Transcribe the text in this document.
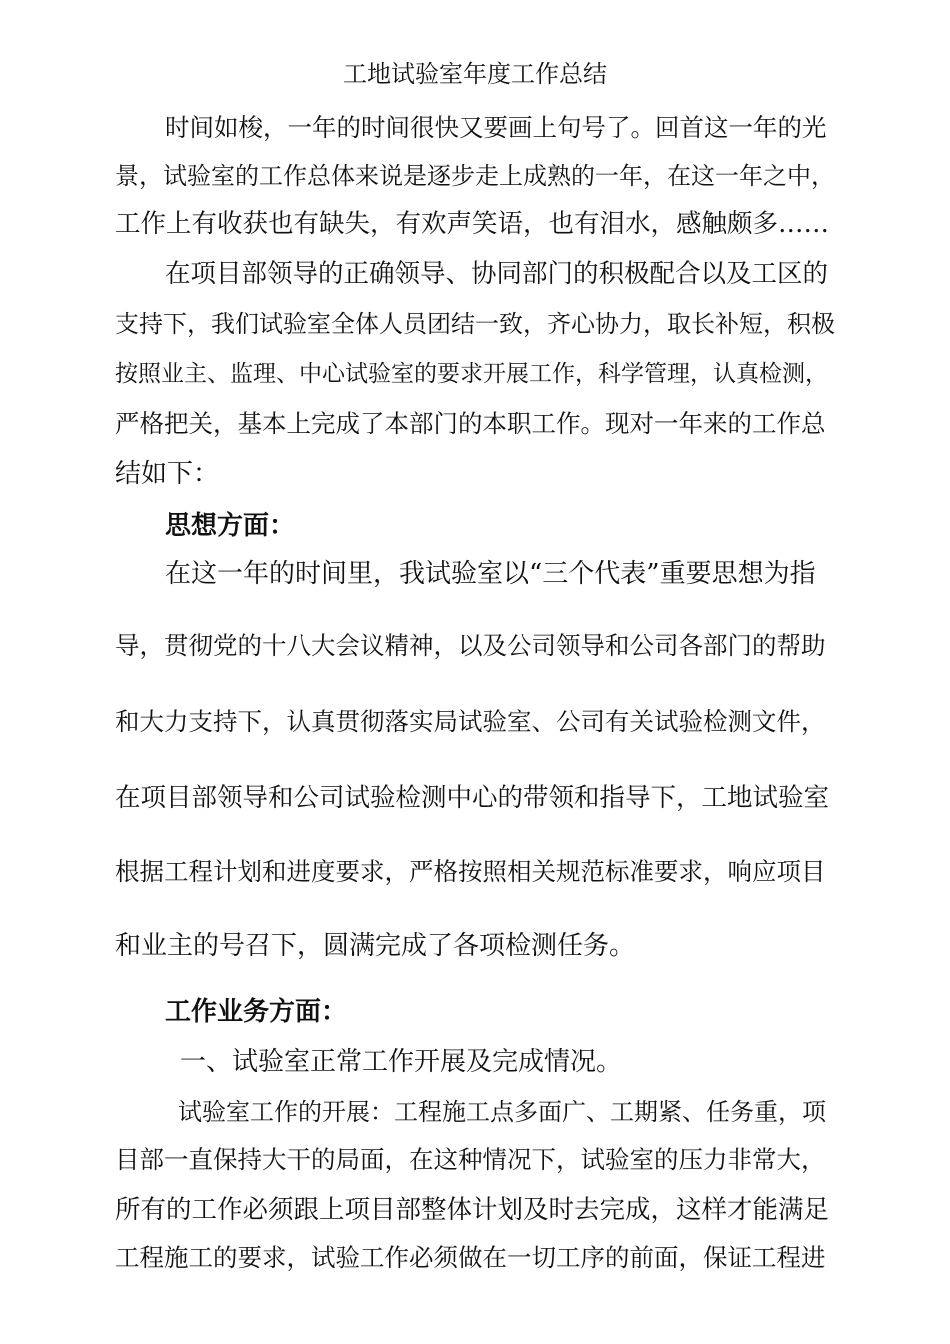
工地试验室年度工作总结
时间如梭，一年的时间很快又要画上句号了。回首这一年的光
景，试验室的工作总体来说是逐步走上成熟的一年，在这一年之中，
工作上有收获也有缺失，有欢声笑语，也有泪水，感触颇多……
在项目部领导的正确领导、协同部门的积极配合以及工区的
支持下，我们试验室全体人员团结一致，齐心协力，取长补短，积极
按照业主、监理、中心试验室的要求开展工作，科学管理，认真检测，
严格把关，基本上完成了本部门的本职工作。现对一年来的工作总
结如下：
思想方面：
在这一年的时间里，我试验室以“三个代表”重要思想为指
导，贯彻党的十八大会议精神，以及公司领导和公司各部门的帮助
和大力支持下，认真贯彻落实局试验室、公司有关试验检测文件，
在项目部领导和公司试验检测中心的带领和指导下，工地试验室
根据工程计划和进度要求，严格按照相关规范标准要求，响应项目
和业主的号召下，圆满完成了各项检测任务。
工作业务方面：
一、试验室正常工作开展及完成情况。
试验室工作的开展：工程施工点多面广、工期紧、任务重，项
目部一直保持大干的局面，在这种情况下，试验室的压力非常大，
所有的工作必须跟上项目部整体计划及时去完成，这样才能满足
工程施工的要求，试验工作必须做在一切工序的前面，保证工程进
